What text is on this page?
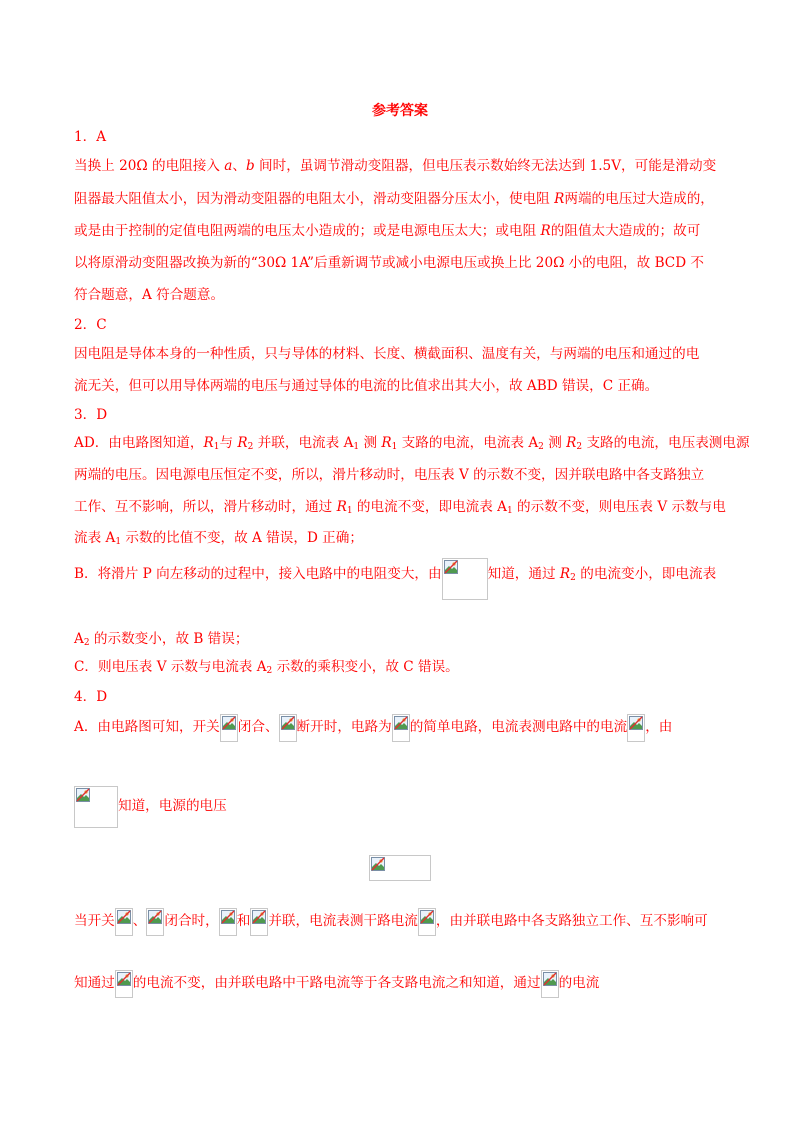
参考答案
1．A
当换上 20Ω 的电阻接入 a、b 间时，虽调节滑动变阻器，但电压表示数始终无法达到 1.5V，可能是滑动变
阻器最大阻值太小，因为滑动变阻器的电阻太小，滑动变阻器分压太小，使电阻 R两端的电压过大造成的，
或是由于控制的定值电阻两端的电压太小造成的；或是电源电压太大；或电阻 R的阻值太大造成的；故可
以将原滑动变阻器改换为新的“30Ω 1A”后重新调节或减小电源电压或换上比 20Ω 小的电阻，故 BCD 不
符合题意，A 符合题意。
2．C
因电阻是导体本身的一种性质，只与导体的材料、长度、横截面积、温度有关，与两端的电压和通过的电
流无关，但可以用导体两端的电压与通过导体的电流的比值求出其大小，故 ABD 错误，C 正确。
3．D
AD．由电路图知道，$R_1$与 $R_2$ 并联，电流表 $A_1$ 测 $R_1$ 支路的电流，电流表 $A_2$ 测 $R_2$ 支路的电流，电压表测电源
两端的电压。因电源电压恒定不变，所以，滑片移动时，电压表 V 的示数不变，因并联电路中各支路独立
工作、互不影响，所以，滑片移动时，通过 $R_1$ 的电流不变，即电流表 $A_1$ 的示数不变，则电压表 V 示数与电
流表 $A_1$ 示数的比值不变，故 A 错误，D 正确；
B．将滑片 P 向左移动的过程中，接入电路中的电阻变大，由	知道，通过 $R_2$ 的电流变小，即电流表
$A_2$ 的示数变小，故 B 错误；
C．则电压表 V 示数与电流表 $A_2$ 示数的乘积变小，故 C 错误。
4．D
A．由电路图可知，开关 闭合、 断开时，电路为 的简单电路，电流表测电路中的电流 ，由
知道，电源的电压
当开关 、 闭合时， 和 并联，电流表测干路电流 ，由并联电路中各支路独立工作、互不影响可
知通过 的电流不变，由并联电路中干路电流等于各支路电流之和知道，通过 的电流
